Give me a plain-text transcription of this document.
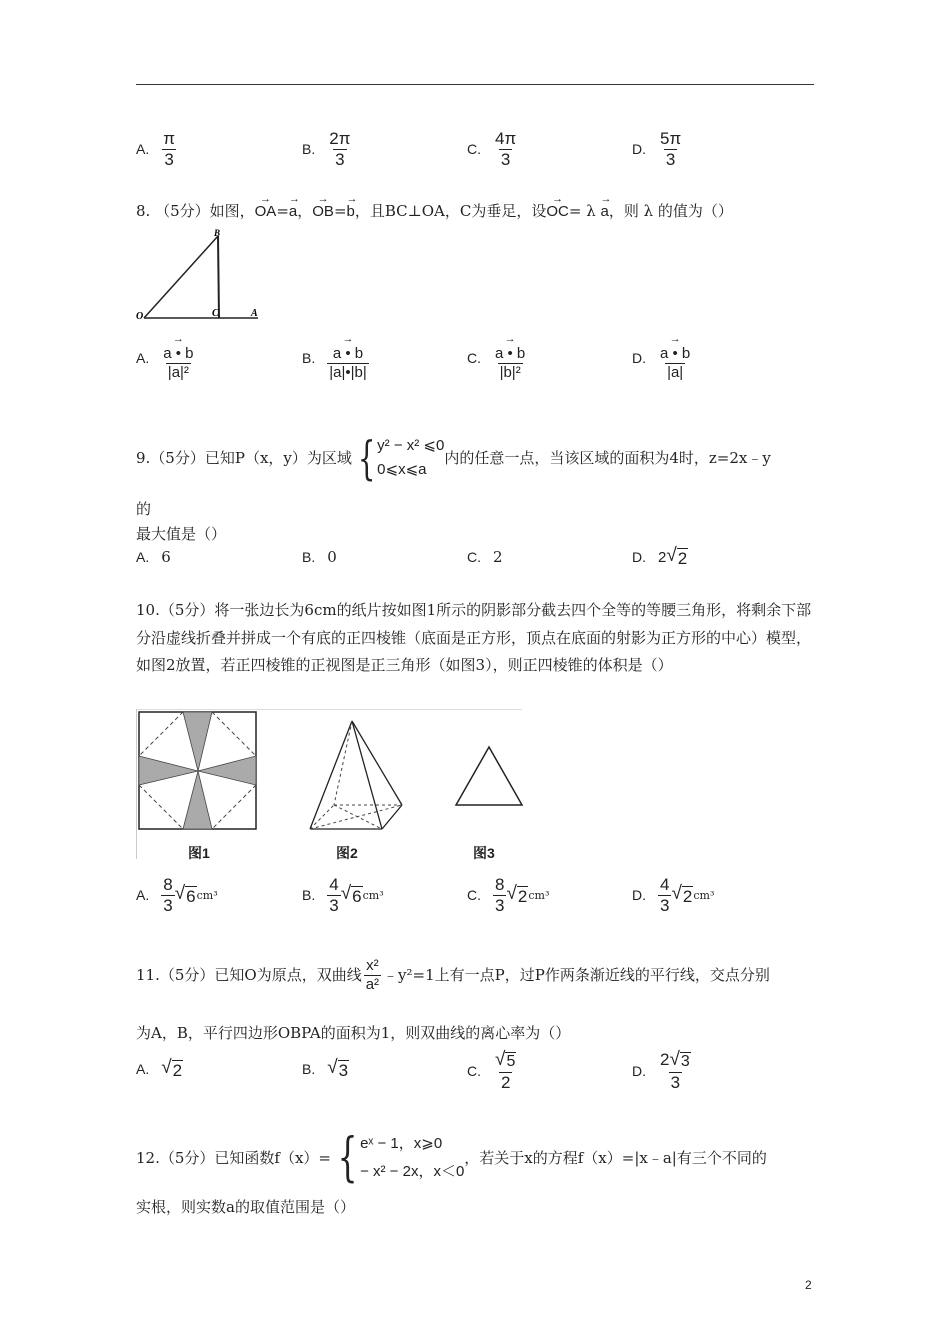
A. $\frac{\pi}{3}$	B. $\frac{2\pi}{3}$	C. $\frac{4\pi}{3}$	D. $\frac{5\pi}{3}$
8. （5分）如图，→ OA=→ a，→ OB=→ b，且BC⊥OA，C为垂足，设→ OC= λ → a，则 λ 的值为（）
O
B
C	A
A. → $\frac{a • b}{\text{|a|²}}$	B. → $\frac{a • b}{|a|•|b|}$	C. → $\frac{a • b}{\text{|b|²}}$	D. → $\frac{a • b}{|a|}$
9.（5分）已知P（x，y）为区域 { y² − x² ⩽0
0⩽x⩽a
内的任意一点，当该区域的面积为4时，z=2x﹣y
的
最大值是（）
A. 6	B. 0	C. 2	D. 2 √ 2
10.（5分）将一张边长为6cm的纸片按如图1所示的阴影部分截去四个全等的等腰三角形，将剩余下部分沿虚线折叠并拼成一个有底的正四棱锥（底面是正方形，顶点在底面的射影为正方形的中心）模型，如图2放置，若正四棱锥的正视图是正三角形（如图3），则正四棱锥的体积是（）
图1	图2	图3
A. $\frac{8}{3}$ √ 6 cm³	B. $\frac{4}{3}$ √ 6 cm³	C. $\frac{8}{3}$ √ 2 cm³	D. $\frac{4}{3}$ √ 2 cm³
11.（5分）已知O为原点，双曲线 $\frac{\text{x²}}{\text{a²}}$ ﹣y²=1上有一点P，过P作两条渐近线的平行线，交点分别
为A，B，平行四边形OBPA的面积为1，则双曲线的离心率为（）
A. √ 2	B. √ 3	C. $\frac{√ 5}{2}$	D. $\frac{2 √ 3}{3}$
12.（5分）已知函数f（x）= { eˣ − 1，x⩾0
− x² − 2x，x＜0
，若关于x的方程f（x）=|x﹣a|有三个不同的
实根，则实数a的取值范围是（）
2
